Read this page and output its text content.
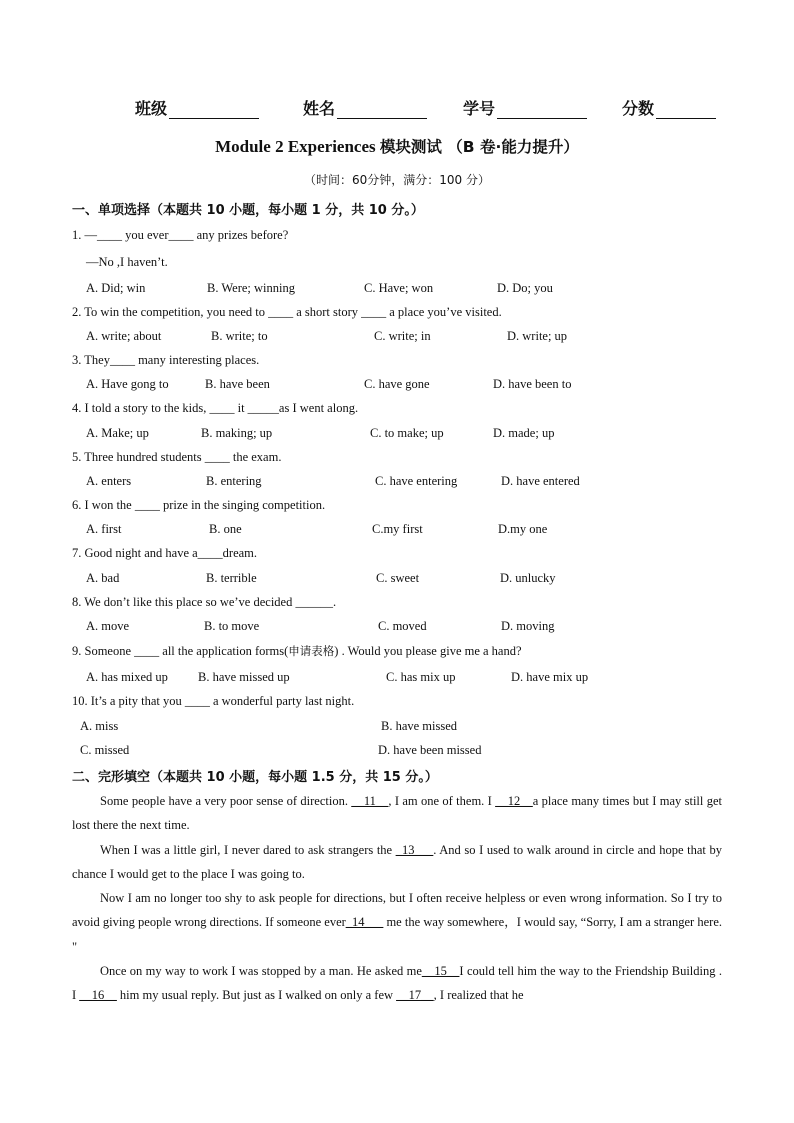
班级	姓名	学号	分数
Module 2 Experiences 模块测试 （B 卷·能力提升）
（时间：60分钟，满分：100 分）
一、单项选择（本题共 10 小题，每小题 1 分，共 10 分。）
1. —____ you ever____ any prizes before?
—No ,I haven’t.
A. Did; win	B. Were; winning	C. Have; won	D. Do; you
2. To win the competition, you need to ____ a short story ____ a place you’ve visited.
A. write; about	B. write; to	C. write; in	D. write; up
3. They____ many interesting places.
A. Have gong to	B. have been	C. have gone	D. have been to
4. I told a story to the kids, ____ it _____as I went along.
A. Make; up	B. making; up	C. to make; up	D. made; up
5. Three hundred students ____ the exam.
A. enters	B. entering	C. have entering	D. have entered
6. I won the ____ prize in the singing competition.
A. first	B. one	C.my first	D.my one
7. Good night and have a____dream.
A. bad	B. terrible	C. sweet	D. unlucky
8. We don’t like this place so we’ve decided ______.
A. move	B. to move	C. moved	D. moving
9. Someone ____ all the application forms(申请表格) . Would you please give me a hand?
A. has mixed up B. have missed up	C. has mix up	D. have mix up
10. It’s a pity that you ____ a wonderful party last night.
A. miss	B. have missed
C. missed	D. have been missed
二、完形填空（本题共 10 小题，每小题 1.5 分，共 15 分。）

Some people have a very poor sense of direction. __11__, I am one of them. I __12__a place many times but I may still get lost there the next time.

When I was a little girl, I never dared to ask strangers the _13___. And so I used to walk around in circle and hope that by chance I would get to the place I was going to.

Now I am no longer too shy to ask people for directions, but I often receive helpless or even wrong information. So I try to avoid giving people wrong directions. If someone ever_14___ me the way somewhere，I would say, “Sorry, I am a stranger here. "

Once on my way to work I was stopped by a man. He asked me__15__I could tell him the way to the Friendship Building . I __16__ him my usual reply. But just as I walked on only a few __17__, I realized that he
